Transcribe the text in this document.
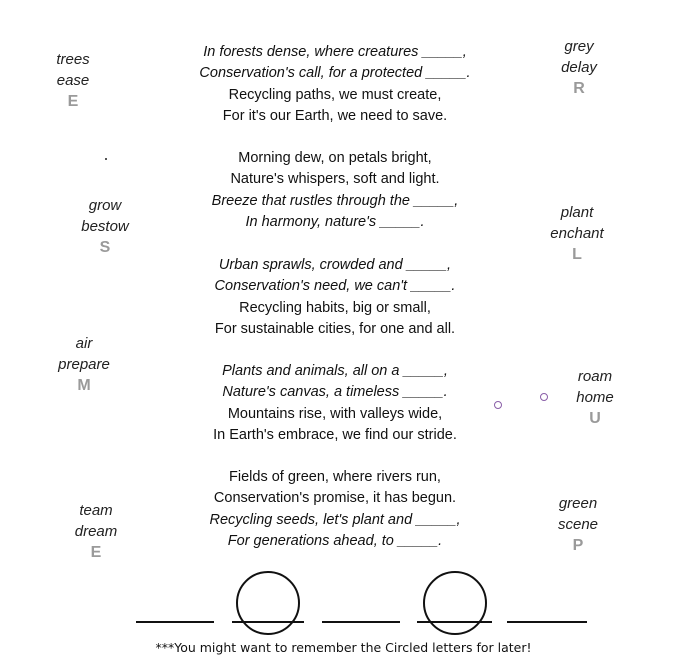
In forests dense, where creatures _____,
Conservation's call, for a protected _____.
Recycling paths, we must create,
For it's our Earth, we need to save.
Morning dew, on petals bright,
Nature's whispers, soft and light.
Breeze that rustles through the _____,
In harmony, nature's _____.
Urban sprawls, crowded and _____,
Conservation's need, we can't _____.
Recycling habits, big or small,
For sustainable cities, for one and all.
Plants and animals, all on a _____,
Nature's canvas, a timeless _____.
Mountains rise, with valleys wide,
In Earth's embrace, we find our stride.
Fields of green, where rivers run,
Conservation's promise, it has begun.
Recycling seeds, let's plant and _____,
For generations ahead, to _____.
trees
ease
E
grow
bestow
S
air
prepare
M
team
dream
E
grey
delay
R
plant
enchant
L
roam
home
U
green
scene
P
***You might want to remember the Circled letters for later!
